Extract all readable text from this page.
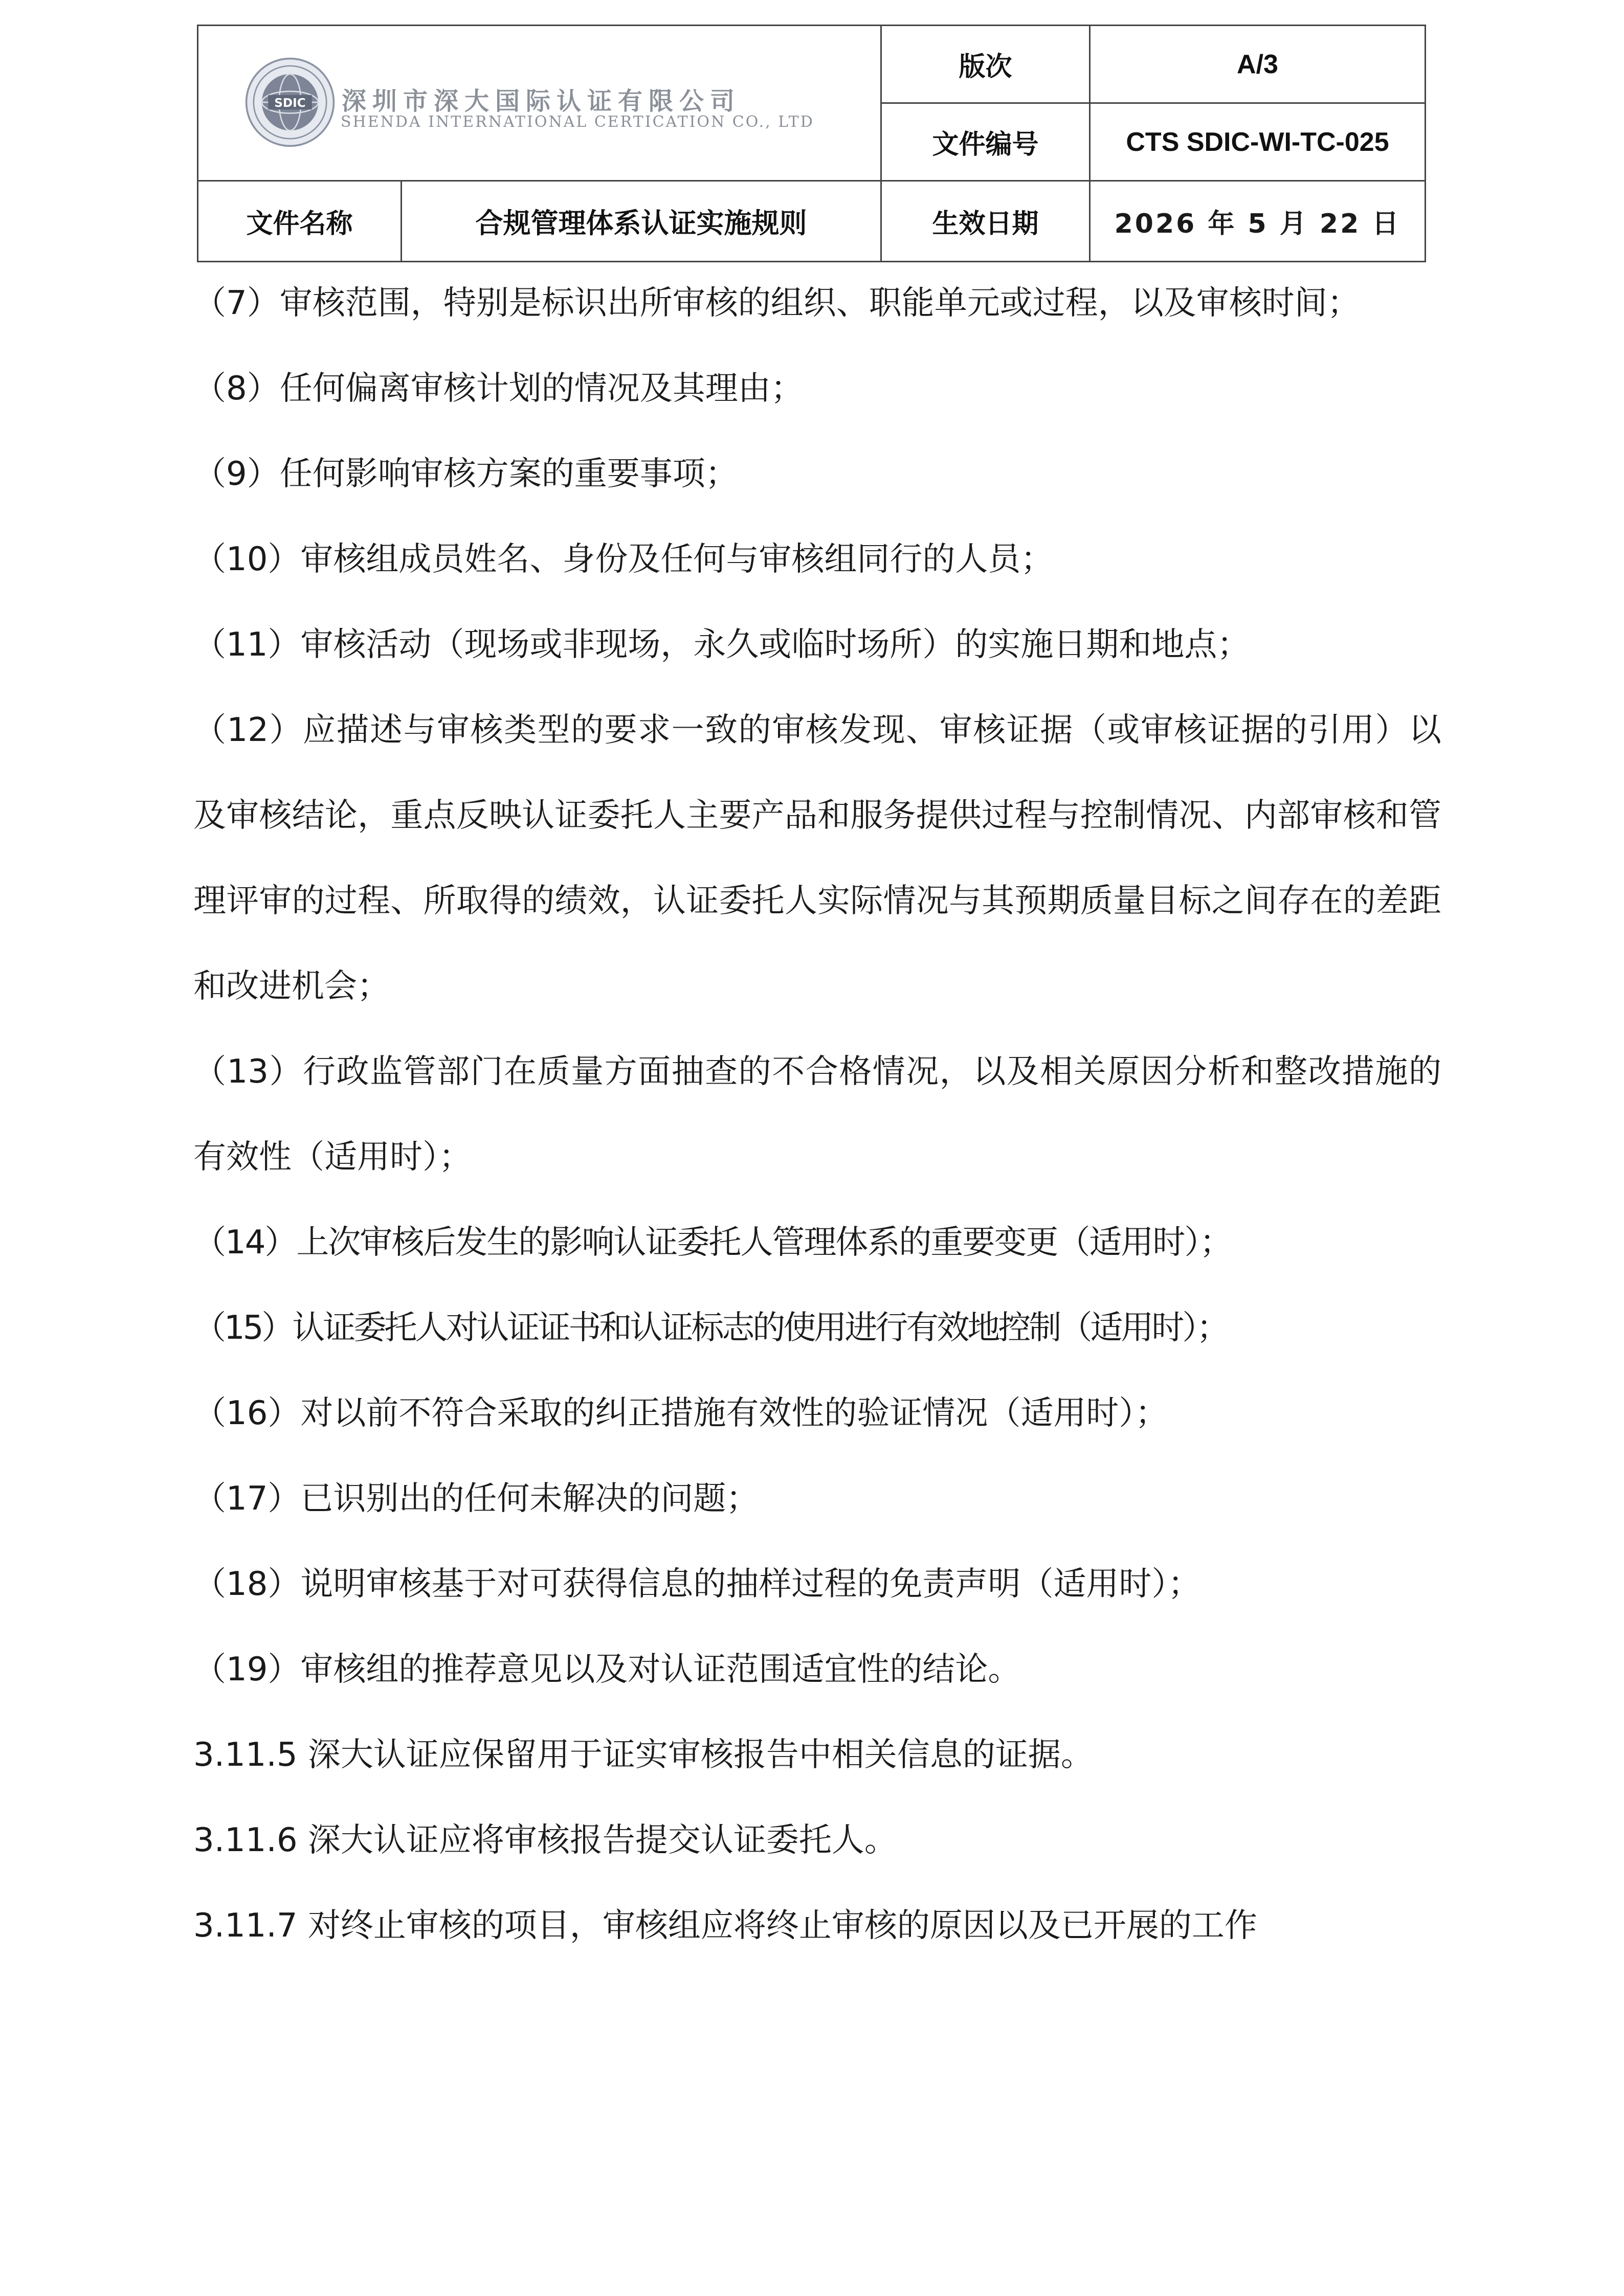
SDIC 深圳市深大国际认证有限公司
SHENDA INTERNATIONAL CERTICATION CO., LTD		版次	A/3
		文件编号	CTS SDIC-WI-TC-025
文件名称	合规管理体系认证实施规则	生效日期	2026 年 5 月 22 日

（7）审核范围，特别是标识出所审核的组织、职能单元或过程，以及审核时间；

（8）任何偏离审核计划的情况及其理由；

（9）任何影响审核方案的重要事项；

（10）审核组成员姓名、身份及任何与审核组同行的人员；

（11）审核活动（现场或非现场，永久或临时场所）的实施日期和地点；

（12）应描述与审核类型的要求一致的审核发现、审核证据（或审核证据的引用）以及审核结论，重点反映认证委托人主要产品和服务提供过程与控制情况、内部审核和管理评审的过程、所取得的绩效，认证委托人实际情况与其预期质量目标之间存在的差距和改进机会；

（13）行政监管部门在质量方面抽查的不合格情况，以及相关原因分析和整改措施的有效性（适用时）；

（14）上次审核后发生的影响认证委托人管理体系的重要变更（适用时）；

（15）认证委托人对认证证书和认证标志的使用进行有效地控制（适用时）；

（16）对以前不符合采取的纠正措施有效性的验证情况（适用时）；

（17）已识别出的任何未解决的问题；

（18）说明审核基于对可获得信息的抽样过程的免责声明（适用时）；

（19）审核组的推荐意见以及对认证范围适宜性的结论。

3.11.5 深大认证应保留用于证实审核报告中相关信息的证据。

3.11.6 深大认证应将审核报告提交认证委托人。

3.11.7 对终止审核的项目，审核组应将终止审核的原因以及已开展的工作
